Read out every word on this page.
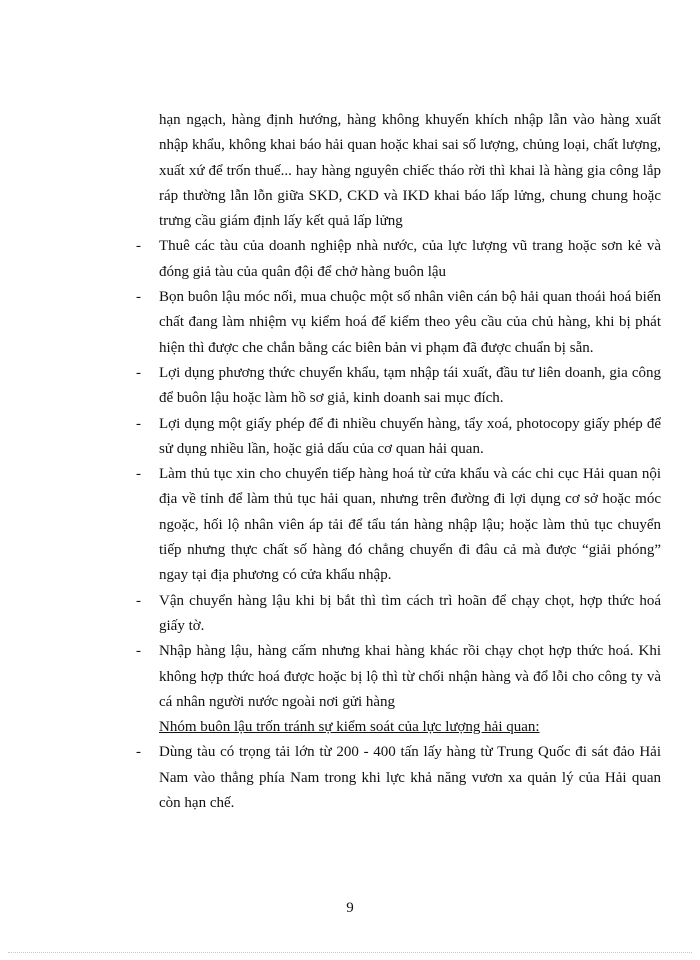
hạn ngạch, hàng định hướng, hàng không khuyến khích nhập lẫn vào hàng xuất nhập khẩu, không khai báo hải quan hoặc khai sai số lượng, chủng loại, chất lượng, xuất xứ để trốn thuế... hay hàng nguyên chiếc tháo rời thì khai là hàng gia công lắp ráp thường lẫn lỗn giữa SKD, CKD và IKD khai báo lấp lửng, chung chung hoặc trưng cầu giám định lấy kết quả lấp lửng

- Thuê các tàu của doanh nghiệp nhà nước, của lực lượng vũ trang hoặc sơn kẻ và đóng giả tàu của quân đội để chở hàng buôn lậu

- Bọn buôn lậu móc nối, mua chuộc một số nhân viên cán bộ hải quan thoái hoá biến chất đang làm nhiệm vụ kiểm hoá để kiểm theo yêu cầu của chủ hàng, khi bị phát hiện thì được che chắn bằng các biên bản vi phạm đã được chuẩn bị sẵn.

- Lợi dụng phương thức chuyển khẩu, tạm nhập tái xuất, đầu tư liên doanh, gia công để buôn lậu hoặc làm hồ sơ giả, kinh doanh sai mục đích.

- Lợi dụng một giấy phép để đi nhiều chuyến hàng, tẩy xoá, photocopy giấy phép để sử dụng nhiều lần, hoặc giả dấu của cơ quan hải quan.

- Làm thủ tục xin cho chuyển tiếp hàng hoá từ cửa khẩu và các chi cục Hải quan nội địa về tỉnh để làm thủ tục hải quan, nhưng trên đường đi lợi dụng cơ sở hoặc móc ngoặc, hối lộ nhân viên áp tải để tẩu tán hàng nhập lậu; hoặc làm thủ tục chuyển tiếp nhưng thực chất số hàng đó chẳng chuyển đi đâu cả mà được “giải phóng” ngay tại địa phương có cửa khẩu nhập.

- Vận chuyển hàng lậu khi bị bắt thì tìm cách trì hoãn để chạy chọt, hợp thức hoá giấy tờ.

- Nhập hàng lậu, hàng cấm nhưng khai hàng khác rồi chạy chọt hợp thức hoá. Khi không hợp thức hoá được hoặc bị lộ thì từ chối nhận hàng và đổ lỗi cho công ty và cá nhân người nước ngoài nơi gửi hàng

Nhóm buôn lậu trốn tránh sự kiểm soát của lực lượng hải quan:

- Dùng tàu có trọng tải lớn từ 200 - 400 tấn lấy hàng từ Trung Quốc đi sát đảo Hải Nam vào thẳng phía Nam trong khi lực khả năng vươn xa quản lý của Hải quan còn hạn chế.

9
